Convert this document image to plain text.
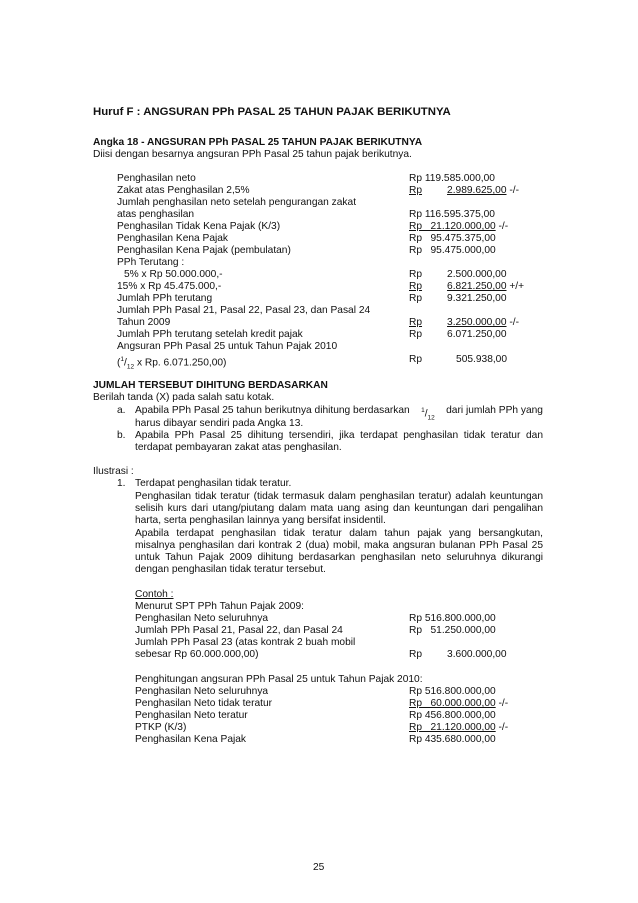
Huruf F : ANGSURAN PPh PASAL 25 TAHUN PAJAK BERIKUTNYA
Angka 18 - ANGSURAN PPh PASAL 25 TAHUN PAJAK BERIKUTNYA
Diisi dengan besarnya angsuran PPh Pasal 25 tahun pajak berikutnya.
Penghasilan neto	Rp 119.585.000,00
Zakat atas Penghasilan 2,5%	Rp 2.989.625,00 -/-
Jumlah penghasilan neto setelah pengurangan zakat
atas penghasilan	Rp 116.595.375,00
Penghasilan Tidak Kena Pajak (K/3)	Rp   21.120.000,00 -/-
Penghasilan Kena Pajak	Rp   95.475.375,00
Penghasilan Kena Pajak (pembulatan)	Rp   95.475.000,00
PPh Terutang :
5% x Rp 50.000.000,-	Rp 2.500.000,00
15% x Rp 45.475.000,-	Rp 6.821.250,00 +/+
Jumlah PPh terutang	Rp 9.321.250,00
Jumlah PPh Pasal 21, Pasal 22, Pasal 23, dan Pasal 24
Tahun 2009	Rp 3.250.000,00 -/-
Jumlah PPh terutang setelah kredit pajak	Rp 6.071.250,00
Angsuran PPh Pasal 25 untuk Tahun Pajak 2010
($^1/_{12}$ x Rp. 6.071.250,00)	Rp	505.938,00
JUMLAH TERSEBUT DIHITUNG BERDASARKAN
Berilah tanda (X) pada salah satu kotak.
a. Apabila PPh Pasal 25 tahun berikutnya dihitung berdasarkan $^1/_{12}$
dari jumlah PPh yang
harus dibayar sendiri pada Angka 13.
b. Apabila PPh Pasal 25 dihitung tersendiri, jika terdapat penghasilan tidak teratur dan
terdapat pembayaran zakat atas penghasilan.
Ilustrasi :
1. Terdapat penghasilan tidak teratur.
Penghasilan tidak teratur (tidak termasuk dalam penghasilan teratur) adalah keuntungan
selisih kurs dari utang/piutang dalam mata uang asing dan keuntungan dari pengalihan
harta, serta penghasilan lainnya yang bersifat insidentil.
Apabila terdapat penghasilan tidak teratur dalam tahun pajak yang bersangkutan,
misalnya penghasilan dari kontrak 2 (dua) mobil, maka angsuran bulanan PPh Pasal 25
untuk Tahun Pajak 2009 dihitung berdasarkan penghasilan neto seluruhnya dikurangi
dengan penghasilan tidak teratur tersebut.
Contoh :
Menurut SPT PPh Tahun Pajak 2009:
Penghasilan Neto seluruhnya	Rp 516.800.000,00
Jumlah PPh Pasal 21, Pasal 22, dan Pasal 24	Rp   51.250.000,00
Jumlah PPh Pasal 23 (atas kontrak 2 buah mobil
sebesar Rp 60.000.000,00)	Rp 3.600.000,00
Penghitungan angsuran PPh Pasal 25 untuk Tahun Pajak 2010:
Penghasilan Neto seluruhnya	Rp 516.800.000,00
Penghasilan Neto tidak teratur	Rp   60.000.000,00 -/-
Penghasilan Neto teratur	Rp 456.800.000,00
PTKP (K/3)	Rp   21.120.000,00 -/-
Penghasilan Kena Pajak	Rp 435.680.000,00
25
